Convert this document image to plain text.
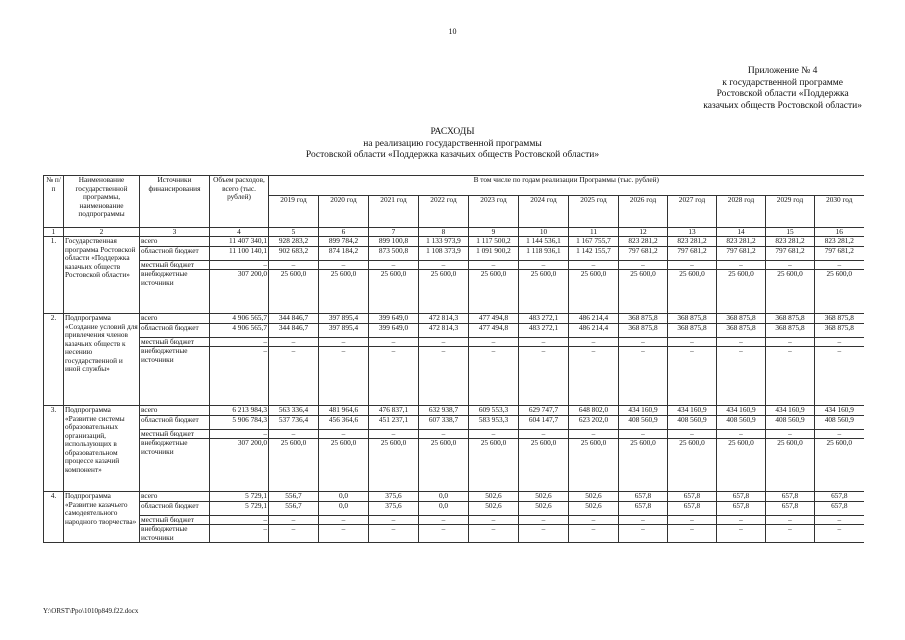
10
Приложение № 4
к государственной программе
Ростовской области «Поддержка
казачьих обществ Ростовской области»
РАСХОДЫ
на реализацию государственной программы
Ростовской области «Поддержка казачьих обществ Ростовской области»
№ п/п	Наименование государственной программы, наименование подпрограммы	Источники финансирования	Объем расходов, всего (тыс. рублей)	В том числе по годам реализации Программы (тыс. рублей)											
				2019 год	2020 год	2021 год	2022 год	2023 год	2024 год	2025 год	2026 год	2027 год	2028 год	2029 год	2030 год
1	2	3	4	5	6	7	8	9	10	11	12	13	14	15	16
1.	Государственная программа Ростовской области «Поддержка казачьих обществ Ростовской области»	всего	11 407 340,1	928 283,2	899 784,2	899 100,8	1 133 973,9	1 117 500,2	1 144 536,1	1 167 755,7	823 281,2	823 281,2	823 281,2	823 281,2	823 281,2
		областной бюджет	11 100 140,1	902 683,2	874 184,2	873 500,8	1 108 373,9	1 091 900,2	1 118 936,1	1 142 155,7	797 681,2	797 681,2	797 681,2	797 681,2	797 681,2
		местный бюджет	–	–	–	–	–	–	–	–	–	–	–	–	–
		внебюджетные источники	307 200,0	25 600,0	25 600,0	25 600,0	25 600,0	25 600,0	25 600,0	25 600,0	25 600,0	25 600,0	25 600,0	25 600,0	25 600,0
2.	Подпрограмма «Создание условий для привлечения членов казачьих обществ к несению государственной и иной службы»	всего	4 906 565,7	344 846,7	397 895,4	399 649,0	472 814,3	477 494,8	483 272,1	486 214,4	368 875,8	368 875,8	368 875,8	368 875,8	368 875,8
		областной бюджет	4 906 565,7	344 846,7	397 895,4	399 649,0	472 814,3	477 494,8	483 272,1	486 214,4	368 875,8	368 875,8	368 875,8	368 875,8	368 875,8
		местный бюджет	–	–	–	–	–	–	–	–	–	–	–	–	–
		внебюджетные источники	–	–	–	–	–	–	–	–	–	–	–	–	–
3.	Подпрограмма «Развитие системы образовательных организаций, использующих в образовательном процессе казачий компонент»	всего	6 213 984,3	563 336,4	481 964,6	476 837,1	632 938,7	609 553,3	629 747,7	648 802,0	434 160,9	434 160,9	434 160,9	434 160,9	434 160,9
		областной бюджет	5 906 784,3	537 736,4	456 364,6	451 237,1	607 338,7	583 953,3	604 147,7	623 202,0	408 560,9	408 560,9	408 560,9	408 560,9	408 560,9
		местный бюджет	–	–	–	–	–	–	–	–	–	–	–	–	–
		внебюджетные источники	307 200,0	25 600,0	25 600,0	25 600,0	25 600,0	25 600,0	25 600,0	25 600,0	25 600,0	25 600,0	25 600,0	25 600,0	25 600,0
4.	Подпрограмма «Развитие казачьего самодеятельного народного творчества»	всего	5 729,1	556,7	0,0	375,6	0,0	502,6	502,6	502,6	657,8	657,8	657,8	657,8	657,8
		областной бюджет	5 729,1	556,7	0,0	375,6	0,0	502,6	502,6	502,6	657,8	657,8	657,8	657,8	657,8
		местный бюджет	–	–	–	–	–	–	–	–	–	–	–	–	–
		внебюджетные источники	–	–	–	–	–	–	–	–	–	–	–	–	–
Y:\ORST\Ppo\1010p849.f22.docx
